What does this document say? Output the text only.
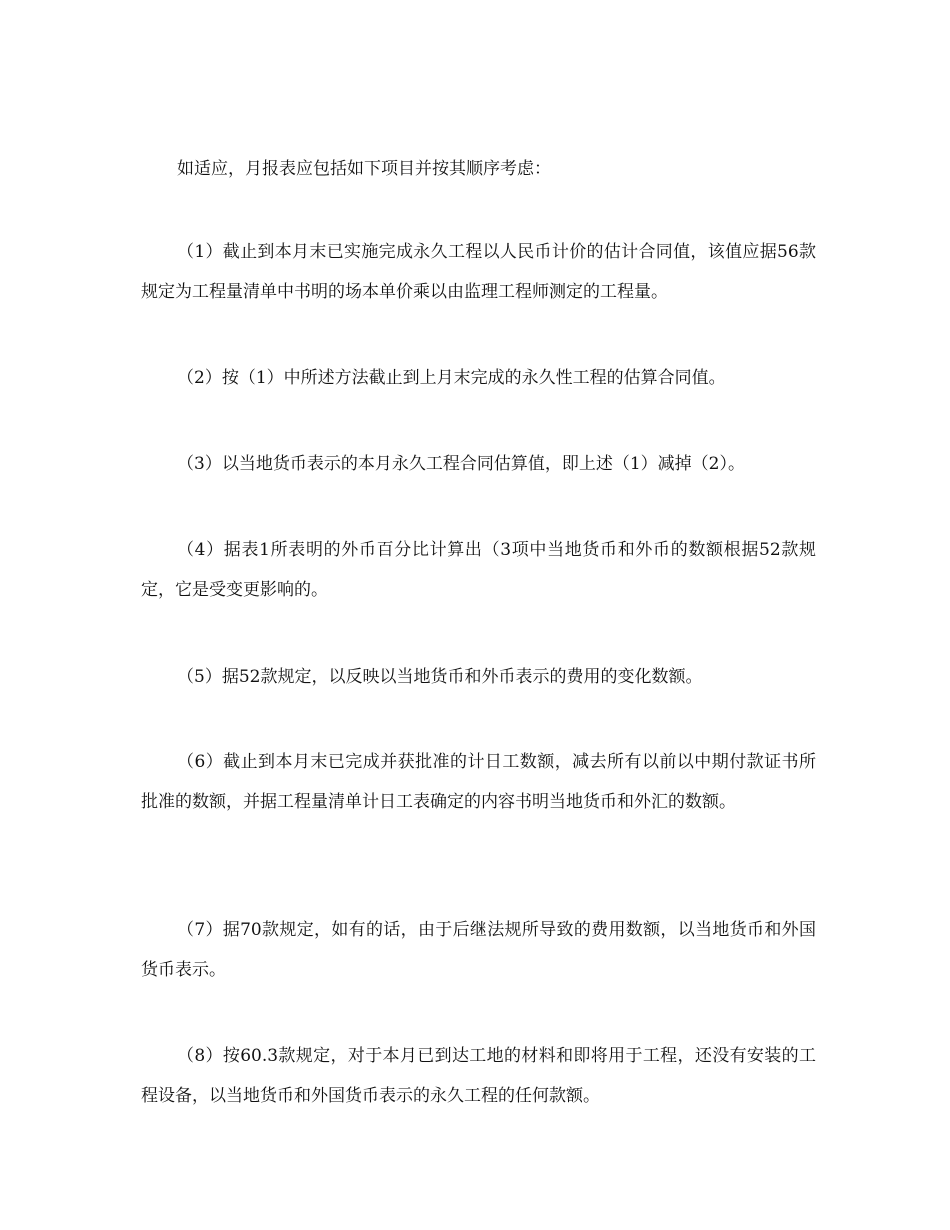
如适应，月报表应包括如下项目并按其顺序考虑：

（1）截止到本月末已实施完成永久工程以人民币计价的估计合同值，该值应据56款规定为工程量清单中书明的场本单价乘以由监理工程师测定的工程量。

（2）按（1）中所述方法截止到上月末完成的永久性工程的估算合同值。

（3）以当地货币表示的本月永久工程合同估算值，即上述（1）减掉（2）。

（4）据表1所表明的外币百分比计算出（3项中当地货币和外币的数额根据52款规定，它是受变更影响的。

（5）据52款规定，以反映以当地货币和外币表示的费用的变化数额。

（6）截止到本月末已完成并获批准的计日工数额，减去所有以前以中期付款证书所批准的数额，并据工程量清单计日工表确定的内容书明当地货币和外汇的数额。

（7）据70款规定，如有的话，由于后继法规所导致的费用数额，以当地货币和外国货币表示。

（8）按60.3款规定，对于本月已到达工地的材料和即将用于工程，还没有安装的工程设备，以当地货币和外国货币表示的永久工程的任何款额。
